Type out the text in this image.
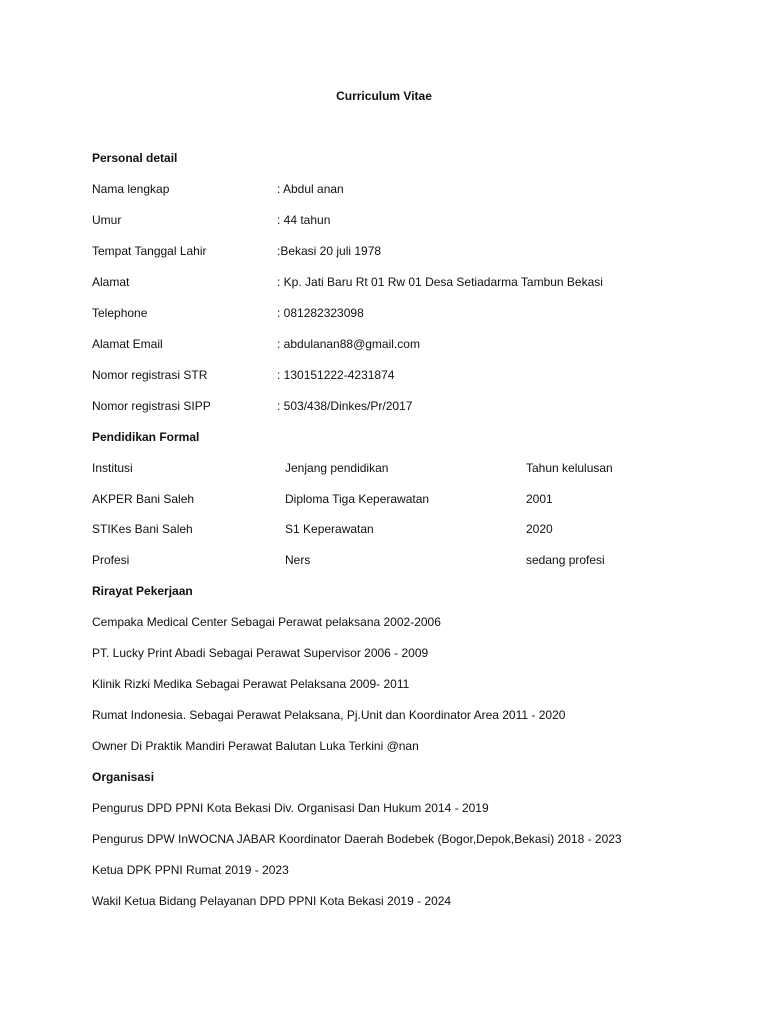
Curriculum Vitae
Personal detail
Nama lengkap	: Abdul anan
Umur	: 44 tahun
Tempat Tanggal Lahir	:Bekasi 20 juli 1978
Alamat	: Kp. Jati Baru Rt 01 Rw 01 Desa Setiadarma Tambun Bekasi
Telephone	: 081282323098
Alamat Email	: abdulanan88@gmail.com
Nomor registrasi STR	: 130151222-4231874
Nomor registrasi SIPP	: 503/438/Dinkes/Pr/2017
Pendidikan Formal
Institusi	Jenjang pendidikan	Tahun kelulusan
AKPER Bani Saleh	Diploma Tiga Keperawatan	2001
STIKes Bani Saleh	S1 Keperawatan	2020
Profesi	Ners	sedang profesi
Rirayat Pekerjaan
Cempaka Medical Center Sebagai Perawat pelaksana 2002-2006
PT. Lucky Print Abadi Sebagai Perawat Supervisor 2006 - 2009
Klinik Rizki Medika Sebagai Perawat Pelaksana 2009- 2011
Rumat Indonesia. Sebagai Perawat Pelaksana, Pj.Unit dan Koordinator Area 2011 - 2020
Owner Di Praktik Mandiri Perawat Balutan Luka Terkini @nan
Organisasi
Pengurus DPD PPNI Kota Bekasi Div. Organisasi Dan Hukum 2014 - 2019
Pengurus DPW InWOCNA JABAR Koordinator Daerah Bodebek (Bogor,Depok,Bekasi) 2018 - 2023
Ketua DPK PPNI Rumat 2019 - 2023
Wakil Ketua Bidang Pelayanan DPD PPNI Kota Bekasi 2019 - 2024
